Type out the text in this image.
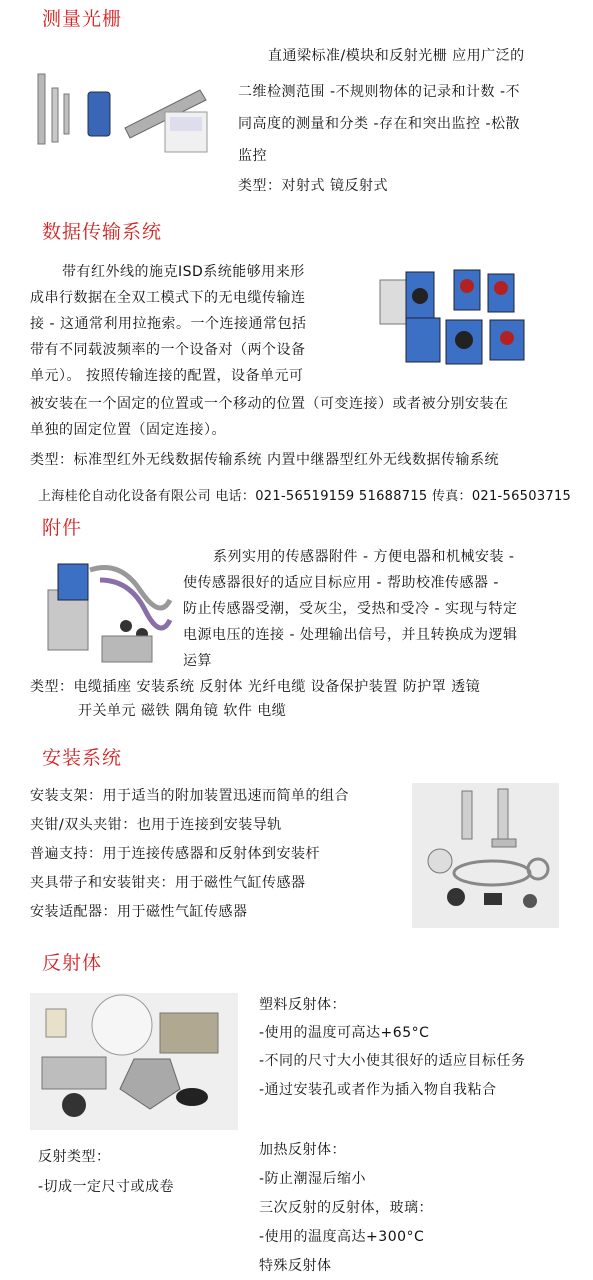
测量光栅
直通梁标准/模块和反射光栅 应用广泛的
二维检测范围 -不规则物体的记录和计数 -不
同高度的测量和分类 -存在和突出监控 -松散
监控
类型：对射式 镜反射式
数据传输系统
带有红外线的施克ISD系统能够用来形
成串行数据在全双工模式下的无电缆传输连
接 - 这通常利用拉拖索。一个连接通常包括
带有不同载波频率的一个设备对（两个设备
单元）。 按照传输连接的配置，设备单元可
被安装在一个固定的位置或一个移动的位置（可变连接）或者被分别安装在
单独的固定位置（固定连接）。
类型：标准型红外无线数据传输系统 内置中继器型红外无线数据传输系统
上海桂伦自动化设备有限公司 电话：021-56519159 51688715 传真：021-56503715
附件
系列实用的传感器附件 - 方便电器和机械安装 -
使传感器很好的适应目标应用 - 帮助校准传感器 -
防止传感器受潮，受灰尘，受热和受冷 - 实现与特定
电源电压的连接 - 处理输出信号，并且转换成为逻辑
运算
类型：电缆插座 安装系统 反射体 光纤电缆 设备保护装置 防护罩 透镜
开关单元 磁铁 隅角镜 软件 电缆
安装系统
安装支架：用于适当的附加装置迅速而简单的组合
夹钳/双头夹钳：也用于连接到安装导轨
普遍支持：用于连接传感器和反射体到安装杆
夹具带子和安装钳夹：用于磁性气缸传感器
安装适配器：用于磁性气缸传感器
反射体
塑料反射体：
-使用的温度可高达+65°C
-不同的尺寸大小使其很好的适应目标任务
-通过安装孔或者作为插入物自我粘合
加热反射体：
-防止潮湿后缩小
三次反射的反射体，玻璃：
-使用的温度高达+300°C
特殊反射体
反射类型：
-切成一定尺寸或成卷
